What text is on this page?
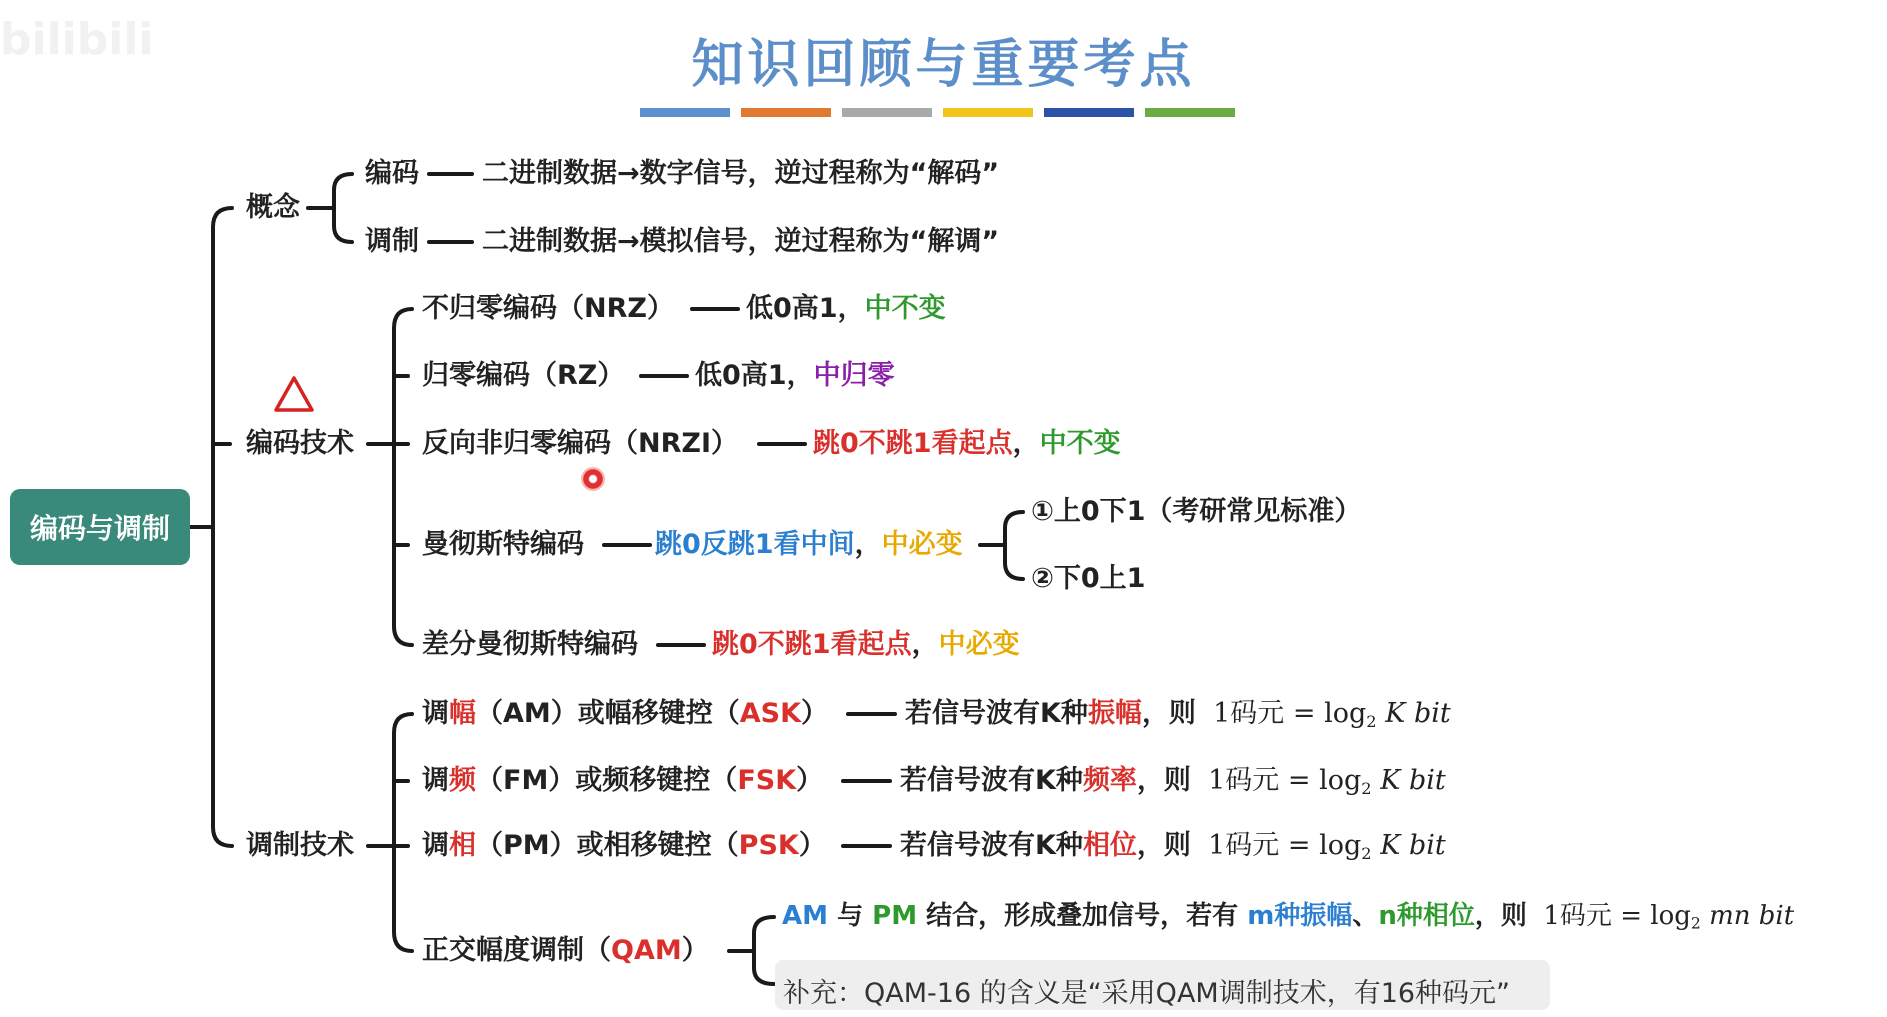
bilibili	知识回顾与重要考点
编码与调制
概念
编码 二进制数据→数字信号，逆过程称为“解码”
调制 二进制数据→模拟信号，逆过程称为“解调”
编码技术
不归零编码（NRZ）	低0高1，中不变
归零编码（RZ）	低0高1，中归零
反向非归零编码（NRZI）	跳0不跳1看起点，中不变
曼彻斯特编码	跳0反跳1看中间，中必变
①上0下1（考研常见标准）
②下0上1
差分曼彻斯特编码	跳0不跳1看起点，中必变
调制技术
调幅（AM）或幅移键控（ASK）	若信号波有K种振幅，则 1码元 = $\log_2 K$ bit
调频（FM）或频移键控（FSK）	若信号波有K种频率，则 1码元 = $\log_2 K$ bit
调相（PM）或相移键控（PSK）	若信号波有K种相位，则 1码元 = $\log_2 K$ bit
正交幅度调制（QAM）
AM 与 PM 结合，形成叠加信号，若有 m种振幅、n种相位，则 1码元 = $\log_2$ mn bit
补充：QAM-16 的含义是“采用QAM调制技术，有16种码元”
